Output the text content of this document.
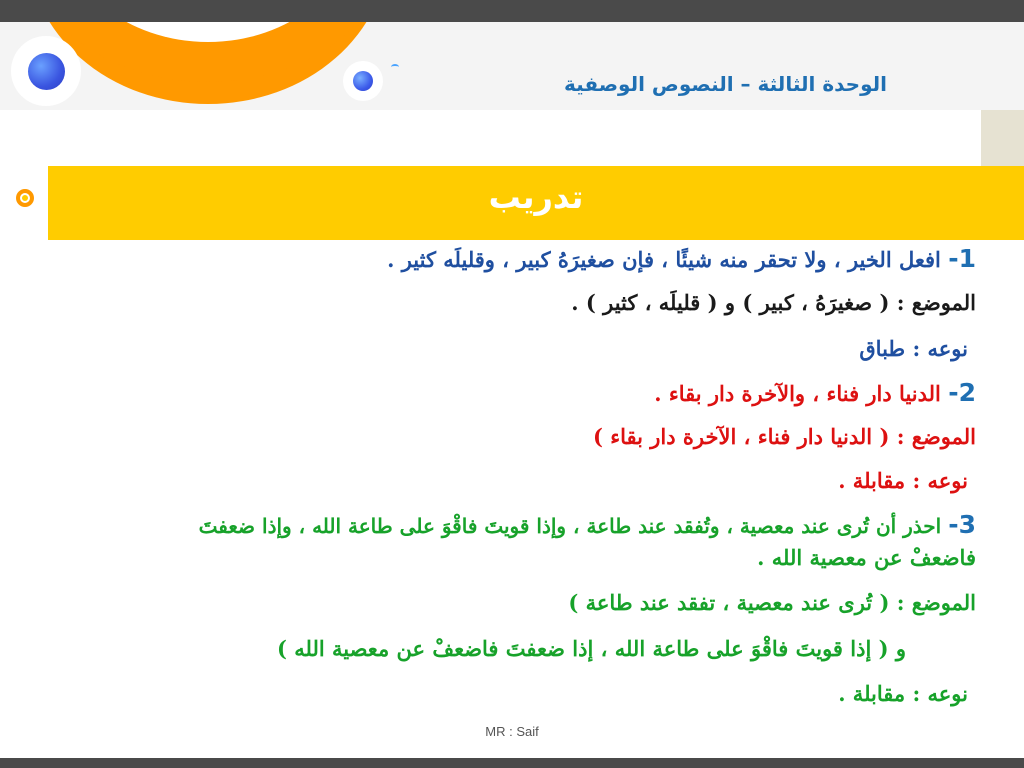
الوحدة الثالثة – النصوص الوصفية
تدريب
1- افعل الخير ، ولا تحقر منه شيئًا ، فإن صغيرَهُ كبير ، وقليلَه كثير .
الموضع : ( صغيرَهُ ، كبير ) و ( قليلَه ، كثير ) .
نوعه : طباق
2- الدنيا دار فناء ، والآخرة دار بقاء .
الموضع : ( الدنيا دار فناء ، الآخرة دار بقاء )
نوعه : مقابلة .
3- احذر أن تُرى عند معصية ، وتُفقد عند طاعة ، وإذا قويتَ فاقْوَ على طاعة الله ، وإذا ضعفتَ
فاضعفْ عن معصية الله .
الموضع : ( تُرى عند معصية ، تفقد عند طاعة )
و ( إذا قويتَ فاقْوَ على طاعة الله ، إذا ضعفتَ فاضعفْ عن معصية الله )
نوعه : مقابلة .
MR : Saif
